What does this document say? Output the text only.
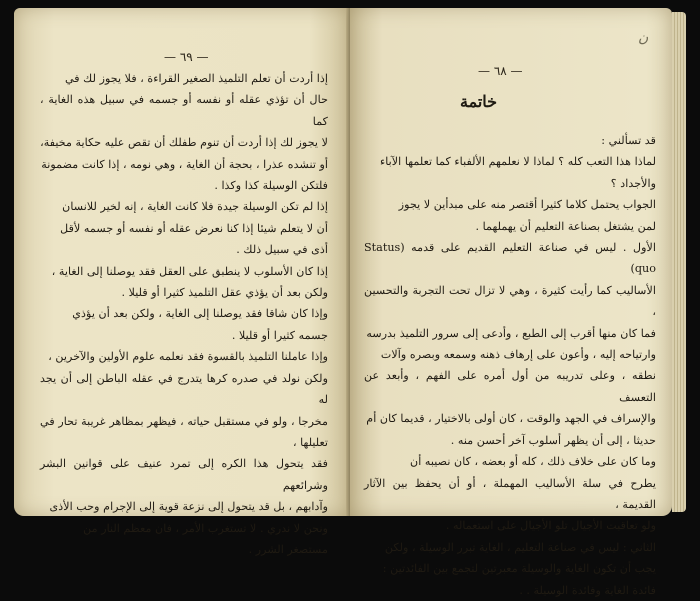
— ٦٩ —

إذا أردت أن تعلم التلميذ الصغير القراءة ، فلا يجوز لك في

حال أن تؤذي عقله أو نفسه أو جسمه في سبيل هذه الغاية ، كما

لا يجوز لك إذا أردت أن تنوم طفلك أن تقص عليه حكاية مخيفة،

أو تنشده عذرا ، بحجة أن الغاية ، وهي نومه ، إذا كانت مضمونة

فلتكن الوسيلة كذا وكذا .

إذا لم تكن الوسيلة جيدة فلا كانت الغاية ، إنه لخير للانسان

أن لا يتعلم شيئا إذا كنا نعرض عقله أو نفسه أو جسمه لأقل

أذى في سبيل ذلك .

إذا كان الأسلوب لا ينطبق على العقل فقد يوصلنا إلى الغاية ،

ولكن بعد أن يؤذي عقل التلميذ كثيرا أو قليلا .

وإذا كان شاقا فقد يوصلنا إلى الغاية ، ولكن بعد أن يؤذي

جسمه كثيرا أو قليلا .

وإذا عاملنا التلميذ بالقسوة فقد نعلمه علوم الأولين والآخرين ،

ولكن نولد في صدره كرها يتدرج في عقله الباطن إلى أن يجد له

مخرجا ، ولو في مستقبل حياته ، فيظهر بمظاهر غريبة تحار في تعليلها ،

فقد يتحول هذا الكره إلى تمرد عنيف على قوانين البشر وشرائعهم

وآدابهم ، بل قد يتحول إلى نزعة قوية إلى الإجرام وحب الأذى

ونحن لا ندري . لا تستغرب الأمر ، فان معظم النار من

مستصغر الشرر .

ن
— ٦٨ —
خاتمة

قد تسألني :

لماذا هذا التعب كله ؟ لماذا لا نعلمهم الألفباء كما تعلمها الآباء

والأجداد ؟

الجواب يحتمل كلاما كثيرا أقتصر منه على مبدأين لا يجوز

لمن يشتغل بصناعة التعليم أن يهملهما .

الأول . ليس في صناعة التعليم القديم على قدمه (Status quo)

الأساليب كما رأيت كثيرة ، وهي لا تزال تحت التجربة والتحسين ،

فما كان منها أقرب إلى الطبع ، وأدعى إلى سرور التلميذ بدرسه

وارتياحه إليه ، وأعون على إرهاف ذهنه وسمعه وبصره وآلات

نطقه ، وعلى تدريبه من أول أمره على الفهم ، وأبعد عن التعسف

والإسراف في الجهد والوقت ، كان أولى بالاختيار ، قديما كان أم

حديثا ، إلى أن يظهر أسلوب آخر أحسن منه .

وما كان على خلاف ذلك ، كله أو بعضه ، كان نصيبه أن

يطرح في سلة الأساليب المهملة ، أو أن يحفظ بين الآثار القديمة ،

ولو تعاقبت الأجيال تلو الأجيال على استعماله .

الثاني : ليس في صناعة التعليم ، الغاية تبرر الوسيلة ، ولكن

يجب أن تكون الغاية والوسيلة معبرتين لتجمع بين الفائدتين :

فائدة الغاية وفائدة الوسيلة . .
